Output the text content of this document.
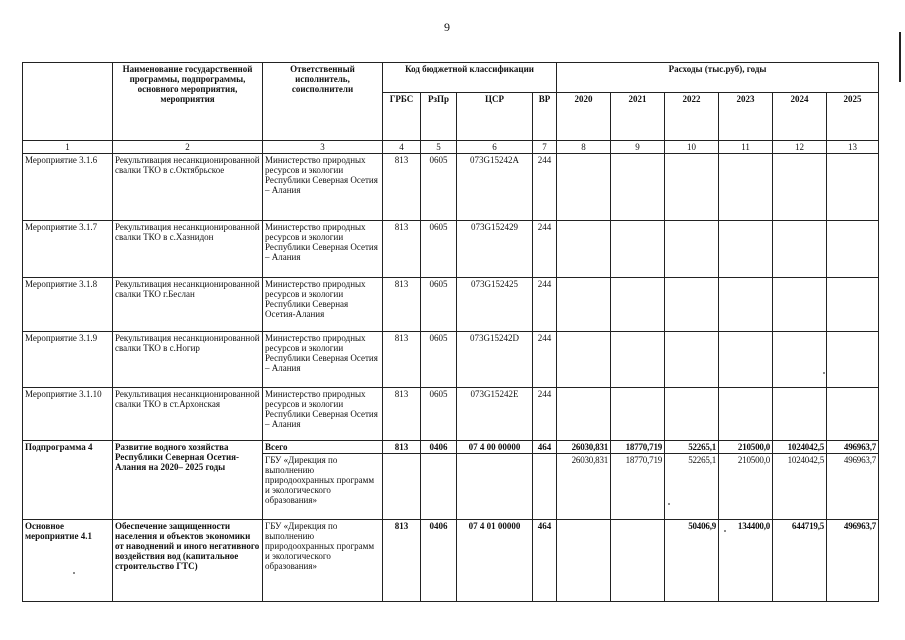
9
	Наименование государственной программы, подпрограммы, основного мероприятия, мероприятия	Ответственный исполнитель, соисполнители	Код бюджетной классификации				Расходы (тыс.руб), годы					
			ГРБС	РзПр	ЦСР	ВР	2020	2021	2022	2023	2024	2025
1	2	3	4	5	6	7	8	9	10	11	12	13
Мероприятие 3.1.6	Рекультивация несанкционированной свалки ТКО в с.Октябрьское	Министерство природных ресурсов и экологии Республики Северная Осетия – Алания	813	0605	073G15242A	244						
Мероприятие 3.1.7	Рекультивация несанкционированной свалки ТКО в с.Хазнидон	Министерство природных ресурсов и экологии Республики Северная Осетия – Алания	813	0605	073G152429	244						
Мероприятие 3.1.8	Рекультивация несанкционированной свалки ТКО г.Беслан	Министерство природных ресурсов и экологии Республики Северная Осетия-Алания	813	0605	073G152425	244						
Мероприятие 3.1.9	Рекультивация несанкционированной свалки ТКО в с.Ногир	Министерство природных ресурсов и экологии Республики Северная Осетия – Алания	813	0605	073G15242D	244						
Мероприятие 3.1.10	Рекультивация несанкционированной свалки ТКО в ст.Архонская	Министерство природных ресурсов и экологии Республики Северная Осетия – Алания	813	0605	073G15242E	244						
Подпрограмма 4	Развитие водного хозяйства Республики Северная Осетия-Алания на 2020– 2025 годы	Всего	813	0406	07 4 00 00000	464	26030,831	18770,719	52265,1	210500,0	1024042,5	496963,7
		ГБУ «Дирекция по выполнению природоохранных программ и экологического образования»					26030,831	18770,719	52265,1	210500,0	1024042,5	496963,7
Основное мероприятие 4.1	Обеспечение защищенности населения и объектов экономики от наводнений и иного негативного воздействия вод (капитальное строительство ГТС)	ГБУ «Дирекция по выполнению природоохранных программ и экологического образования»	813	0406	07 4 01 00000	464			50406,9	134400,0	644719,5	496963,7
